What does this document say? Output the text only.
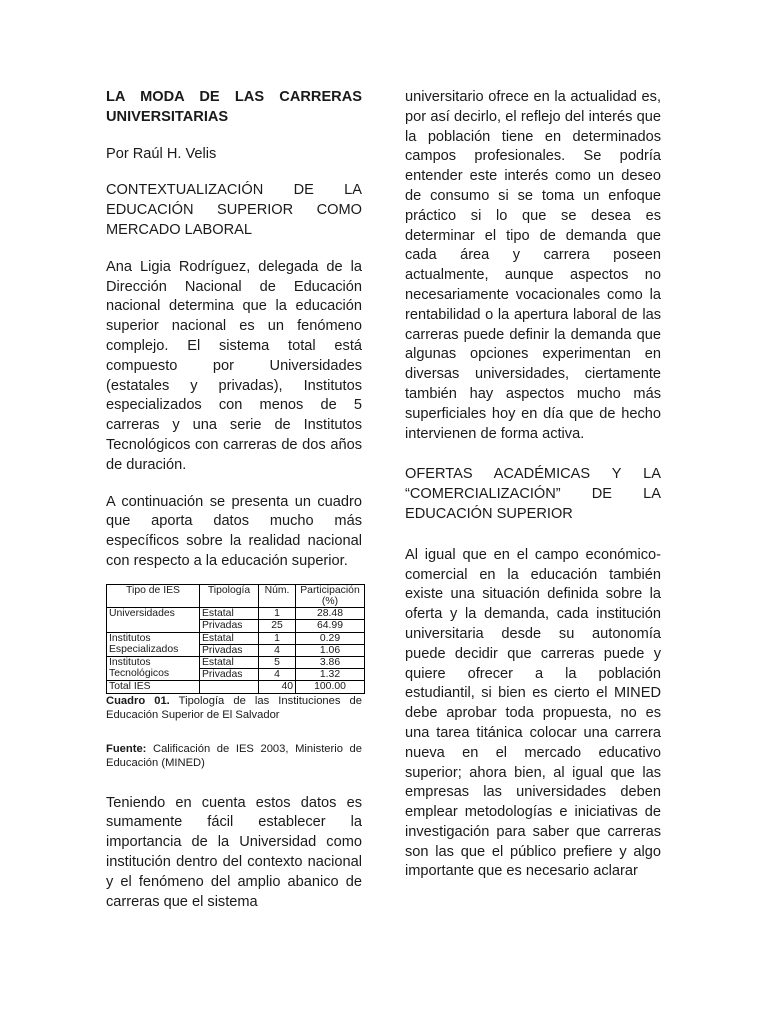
LA MODA DE LAS CARRERAS UNIVERSITARIAS

Por Raúl H. Velis

CONTEXTUALIZACIÓN DE LA EDUCACIÓN SUPERIOR COMO MERCADO LABORAL

Ana Ligia Rodríguez, delegada de la Dirección Nacional de Educación nacional determina que la educación superior nacional es un fenómeno complejo. El sistema total está compuesto por Universidades (estatales y privadas), Institutos especializados con menos de 5 carreras y una serie de Institutos Tecnológicos con carreras de dos años de duración.

A continuación se presenta un cuadro que aporta datos mucho más específicos sobre la realidad nacional con respecto a la educación superior.

Tipo de IES	Tipología	Núm.	Participación (%)
Universidades	Estatal	1	28.48
	Privadas	25	64.99
Institutos Especializados	Estatal	1	0.29
	Privadas	4	1.06
Institutos Tecnológicos	Estatal	5	3.86
	Privadas	4	1.32
Total IES		40	100.00

Cuadro 01. Tipología de las Instituciones de Educación Superior de El Salvador

Fuente: Calificación de IES 2003, Ministerio de Educación (MINED)

Teniendo en cuenta estos datos es sumamente fácil establecer la importancia de la Universidad como institución dentro del contexto nacional y el fenómeno del amplio abanico de carreras que el sistema

universitario ofrece en la actualidad es, por así decirlo, el reflejo del interés que la población tiene en determinados campos profesionales. Se podría entender este interés como un deseo de consumo si se toma un enfoque práctico si lo que se desea es determinar el tipo de demanda que cada área y carrera poseen actualmente, aunque aspectos no necesariamente vocacionales como la rentabilidad o la apertura laboral de las carreras puede definir la demanda que algunas opciones experimentan en diversas universidades, ciertamente también hay aspectos mucho más superficiales hoy en día que de hecho intervienen de forma activa.

OFERTAS ACADÉMICAS Y LA “COMERCIALIZACIÓN” DE LA EDUCACIÓN SUPERIOR

Al igual que en el campo económico-comercial en la educación también existe una situación definida sobre la oferta y la demanda, cada institución universitaria desde su autonomía puede decidir que carreras puede y quiere ofrecer a la población estudiantil, si bien es cierto el MINED debe aprobar toda propuesta, no es una tarea titánica colocar una carrera nueva en el mercado educativo superior; ahora bien, al igual que las empresas las universidades deben emplear metodologías e iniciativas de investigación para saber que carreras son las que el público prefiere y algo importante que es necesario aclarar
